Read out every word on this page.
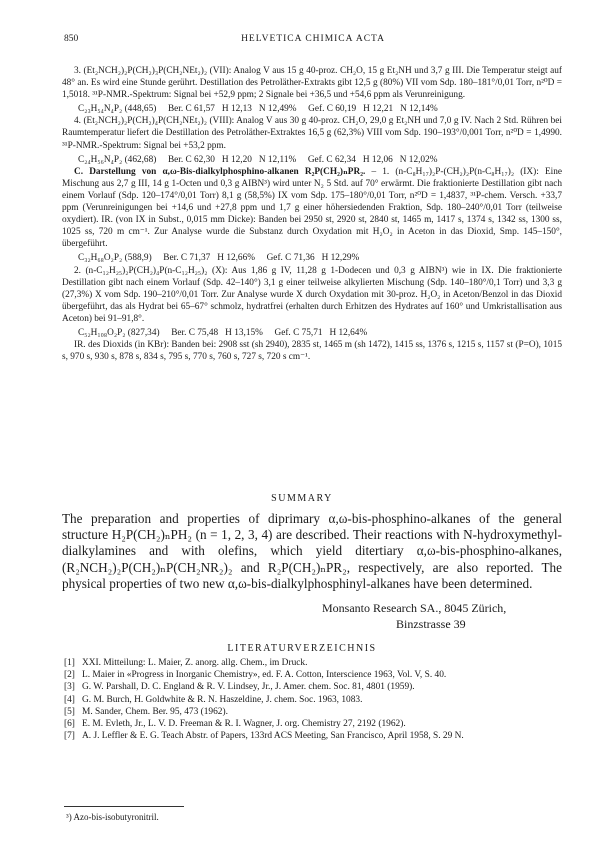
850	HELVETICA CHIMICA ACTA

3. (Et₂NCH₂)₂P(CH₂)₃P(CH₂NEt₂)₂ (VII): Analog V aus 15 g 40-proz. CH₂O, 15 g Et₂NH und 3,7 g III. Die Temperatur steigt auf 48° an. Es wird eine Stunde gerührt. Destillation des Petroläther-Extrakts gibt 12,5 g (80%) VII vom Sdp. 180–181°/0,01 Torr, n²⁰D = 1,5018. ³¹P-NMR.-Spektrum: Signal bei +52,9 ppm; 2 Signale bei +36,5 und +54,6 ppm als Verunreinigung.

C₂₃H₅₄N₄P₂ (448,65)     Ber. C 61,57   H 12,13   N 12,49%     Gef. C 60,19   H 12,21   N 12,14%

4. (Et₂NCH₂)₂P(CH₂)₄P(CH₂NEt₂)₂ (VIII): Analog V aus 30 g 40-proz. CH₂O, 29,0 g Et₂NH und 7,0 g IV. Nach 2 Std. Rühren bei Raumtemperatur liefert die Destillation des Petroläther-Extraktes 16,5 g (62,3%) VIII vom Sdp. 190–193°/0,001 Torr, n²⁰D = 1,4990. ³¹P-NMR.-Spektrum: Signal bei +53,2 ppm.

C₂₄H₅₆N₄P₂ (462,68)     Ber. C 62,30   H 12,20   N 12,11%     Gef. C 62,34   H 12,06   N 12,02%

C. Darstellung von α,ω-Bis-dialkylphosphino-alkanen R₂P(CH₂)ₙPR₂. – 1. (n-C₈H₁₇)₂P-(CH₂)₂P(n-C₈H₁₇)₂ (IX): Eine Mischung aus 2,7 g III, 14 g 1-Octen und 0,3 g AIBN³) wird unter N₂ 5 Std. auf 70° erwärmt. Die fraktionierte Destillation gibt nach einem Vorlauf (Sdp. 120–174°/0,01 Torr) 8,1 g (58,5%) IX vom Sdp. 175–180°/0,01 Torr, n²⁰D = 1,4837, ³¹P-chem. Versch. +33,7 ppm (Verunreinigungen bei +14,6 und +27,8 ppm und 1,7 g einer höhersiedenden Fraktion, Sdp. 180–240°/0,01 Torr (teilweise oxydiert). IR. (von IX in Subst., 0,015 mm Dicke): Banden bei 2950 st, 2920 st, 2840 st, 1465 m, 1417 s, 1374 s, 1342 ss, 1300 ss, 1025 ss, 720 m cm⁻¹. Zur Analyse wurde die Substanz durch Oxydation mit H₂O₂ in Aceton in das Dioxid, Smp. 145–150°, übergeführt.

C₃₂H₆₈O₂P₂ (588,9)     Ber. C 71,37   H 12,66%     Gef. C 71,36   H 12,29%

2. (n-C₁₂H₂₅)₂P(CH₂)₄P(n-C₁₂H₂₅)₂ (X): Aus 1,86 g IV, 11,28 g 1-Dodecen und 0,3 g AIBN³) wie in IX. Die fraktionierte Destillation gibt nach einem Vorlauf (Sdp. 42–140°) 3,1 g einer teilweise alkylierten Mischung (Sdp. 140–180°/0,1 Torr) und 3,3 g (27,3%) X vom Sdp. 190–210°/0,01 Torr. Zur Analyse wurde X durch Oxydation mit 30-proz. H₂O₂ in Aceton/Benzol in das Dioxid übergeführt, das als Hydrat bei 65–67° schmolz, hydratfrei (erhalten durch Erhitzen des Hydrates auf 160° und Umkristallisation aus Aceton) bei 91–91,8°.

C₅₂H₁₀₈O₂P₂ (827,34)     Ber. C 75,48   H 13,15%     Gef. C 75,71   H 12,64%

IR. des Dioxids (in KBr): Banden bei: 2908 sst (sh 2940), 2835 st, 1465 m (sh 1472), 1415 ss, 1376 s, 1215 s, 1157 st (P=O), 1015 s, 970 s, 930 s, 878 s, 834 s, 795 s, 770 s, 760 s, 727 s, 720 s cm⁻¹.

SUMMARY
The preparation and properties of diprimary α,ω-bis-phosphino-alkanes of the general structure H₂P(CH₂)ₙPH₂ (n = 1, 2, 3, 4) are described. Their reactions with N-hydroxymethyl-dialkylamines and with olefins, which yield ditertiary α,ω-bis-phosphino-alkanes, (R₂NCH₂)₂P(CH₂)ₙP(CH₂NR₂)₂ and R₂P(CH₂)ₙPR₂, respectively, are also reported. The physical properties of two new α,ω-bis-dialkylphosphinyl-alkanes have been determined.
Monsanto Research SA., 8045 Zürich,
Binzstrasse 39
LITERATURVERZEICHNIS
[1] XXI. Mitteilung: L. Maier, Z. anorg. allg. Chem., im Druck.
[2] L. Maier in «Progress in Inorganic Chemistry», ed. F. A. Cotton, Interscience 1963, Vol. V, S. 40.
[3] G. W. Parshall, D. C. England & R. V. Lindsey, Jr., J. Amer. chem. Soc. 81, 4801 (1959).
[4] G. M. Burch, H. Goldwhite & R. N. Haszeldine, J. chem. Soc. 1963, 1083.
[5] M. Sander, Chem. Ber. 95, 473 (1962).
[6] E. M. Evleth, Jr., L. V. D. Freeman & R. I. Wagner, J. org. Chemistry 27, 2192 (1962).
[7] A. J. Leffler & E. G. Teach Abstr. of Papers, 133rd ACS Meeting, San Francisco, April 1958, S. 29 N.
³) Azo-bis-isobutyronitril.
